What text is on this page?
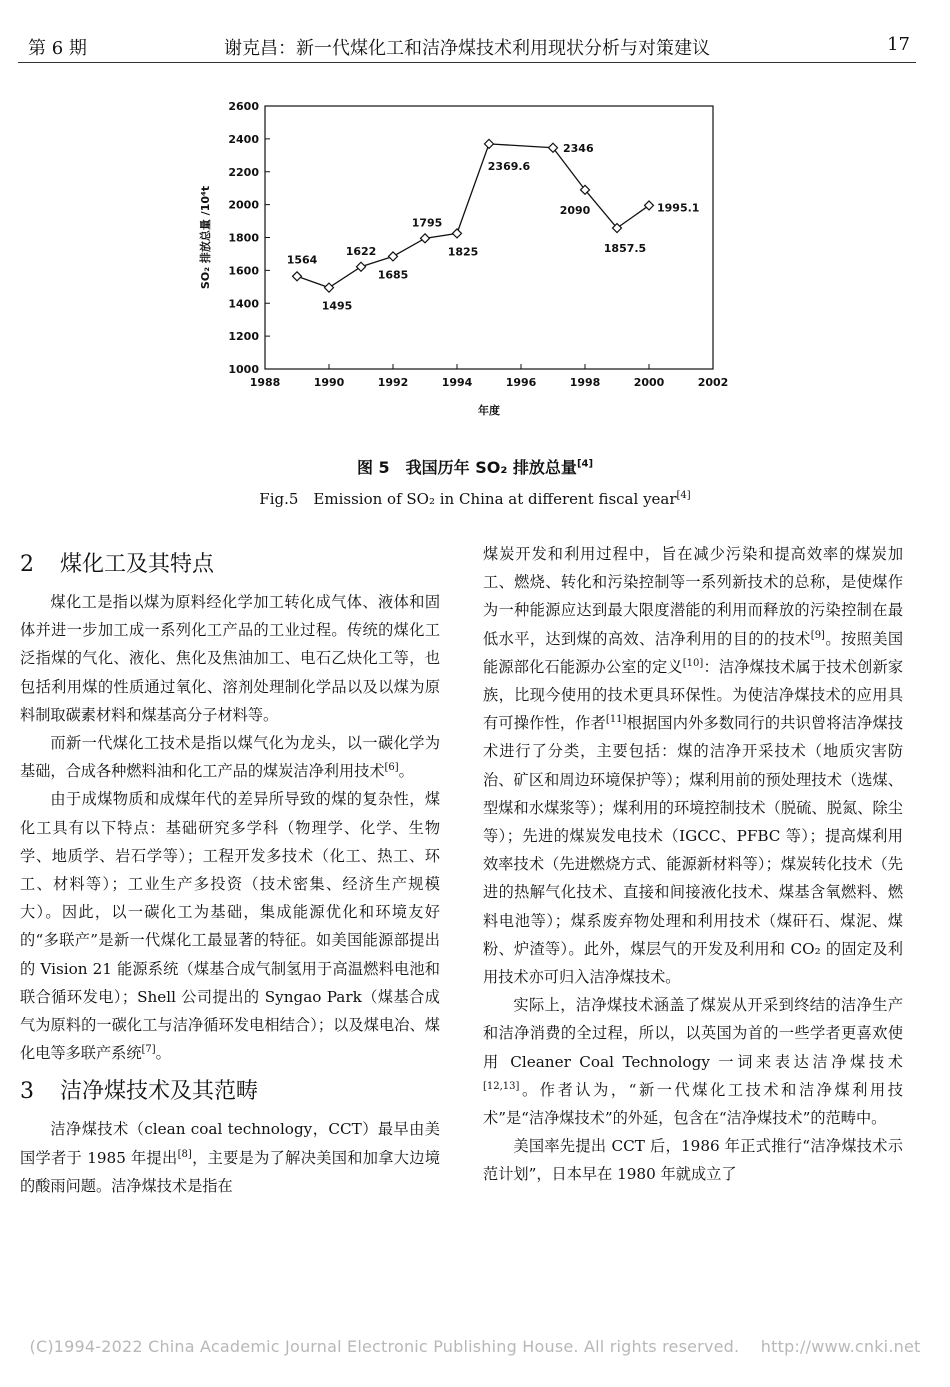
第 6 期	谢克昌：新一代煤化工和洁净煤技术利用现状分析与对策建议	17
1000
1200
1400
1600
1800
2000
2200
2400
2600
1988	1990	1992	1994	1996	1998	2000	2002
年度
SO₂ 排放总量 /10⁴t	1564
1495
1622
1685
1795
1825
2369.6
2346
2090
1857.5
1995.1
图 5　我国历年 SO₂ 排放总量[4]
Fig.5　Emission of SO₂ in China at different fiscal year[4]
2 煤化工及其特点

煤化工是指以煤为原料经化学加工转化成气体、液体和固体并进一步加工成一系列化工产品的工业过程。传统的煤化工泛指煤的气化、液化、焦化及焦油加工、电石乙炔化工等，也包括利用煤的性质通过氧化、溶剂处理制化学品以及以煤为原料制取碳素材料和煤基高分子材料等。

而新一代煤化工技术是指以煤气化为龙头，以一碳化学为基础，合成各种燃料油和化工产品的煤炭洁净利用技术[6]。

由于成煤物质和成煤年代的差异所导致的煤的复杂性，煤化工具有以下特点：基础研究多学科（物理学、化学、生物学、地质学、岩石学等）；工程开发多技术（化工、热工、环工、材料等）；工业生产多投资（技术密集、经济生产规模大）。因此，以一碳化工为基础，集成能源优化和环境友好的“多联产”是新一代煤化工最显著的特征。如美国能源部提出的 Vision 21 能源系统（煤基合成气制氢用于高温燃料电池和联合循环发电）；Shell 公司提出的 Syngao Park（煤基合成气为原料的一碳化工与洁净循环发电相结合）；以及煤电冶、煤化电等多联产系统[7]。

3 洁净煤技术及其范畴

洁净煤技术（clean coal technology，CCT）最早由美国学者于 1985 年提出[8]，主要是为了解决美国和加拿大边境的酸雨问题。洁净煤技术是指在

煤炭开发和利用过程中，旨在减少污染和提高效率的煤炭加工、燃烧、转化和污染控制等一系列新技术的总称，是使煤作为一种能源应达到最大限度潜能的利用而释放的污染控制在最低水平，达到煤的高效、洁净利用的目的的技术[9]。按照美国能源部化石能源办公室的定义[10]：洁净煤技术属于技术创新家族，比现今使用的技术更具环保性。为使洁净煤技术的应用具有可操作性，作者[11]根据国内外多数同行的共识曾将洁净煤技术进行了分类，主要包括：煤的洁净开采技术（地质灾害防治、矿区和周边环境保护等）；煤利用前的预处理技术（选煤、型煤和水煤浆等）；煤利用的环境控制技术（脱硫、脱氮、除尘等）；先进的煤炭发电技术（IGCC、PFBC 等）；提高煤利用效率技术（先进燃烧方式、能源新材料等）；煤炭转化技术（先进的热解气化技术、直接和间接液化技术、煤基含氧燃料、燃料电池等）；煤系废弃物处理和利用技术（煤矸石、煤泥、煤粉、炉渣等）。此外，煤层气的开发及利用和 CO₂ 的固定及利用技术亦可归入洁净煤技术。

实际上，洁净煤技术涵盖了煤炭从开采到终结的洁净生产和洁净消费的全过程，所以，以英国为首的一些学者更喜欢使用 Cleaner Coal Technology 一词来表达洁净煤技术[12,13]。作者认为，“新一代煤化工技术和洁净煤利用技术”是“洁净煤技术”的外延，包含在“洁净煤技术”的范畴中。

美国率先提出 CCT 后，1986 年正式推行“洁净煤技术示范计划”，日本早在 1980 年就成立了

(C)1994-2022 China Academic Journal Electronic Publishing House. All rights reserved.　 http://www.cnki.net
